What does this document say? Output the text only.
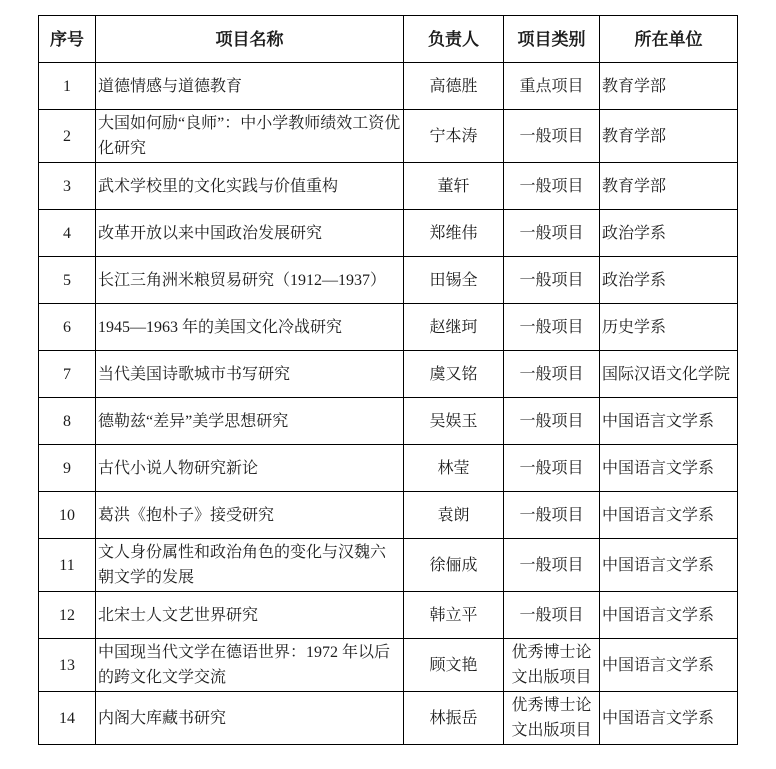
序号	项目名称	负责人	项目类别	所在单位
1	道德情感与道德教育	高德胜	重点项目	教育学部
2	大国如何励“良师”：中小学教师绩效工资优化研究	宁本涛	一般项目	教育学部
3	武术学校里的文化实践与价值重构	董轩	一般项目	教育学部
4	改革开放以来中国政治发展研究	郑维伟	一般项目	政治学系
5	长江三角洲米粮贸易研究（1912—1937）	田锡全	一般项目	政治学系
6	1945—1963 年的美国文化冷战研究	赵继珂	一般项目	历史学系
7	当代美国诗歌城市书写研究	虞又铭	一般项目	国际汉语文化学院
8	德勒兹“差异”美学思想研究	吴娱玉	一般项目	中国语言文学系
9	古代小说人物研究新论	林莹	一般项目	中国语言文学系
10	葛洪《抱朴子》接受研究	袁朗	一般项目	中国语言文学系
11	文人身份属性和政治角色的变化与汉魏六朝文学的发展	徐俪成	一般项目	中国语言文学系
12	北宋士人文艺世界研究	韩立平	一般项目	中国语言文学系
13	中国现当代文学在德语世界：1972 年以后的跨文化文学交流	顾文艳	优秀博士论文出版项目	中国语言文学系
14	内阁大库藏书研究	林振岳	优秀博士论文出版项目	中国语言文学系
